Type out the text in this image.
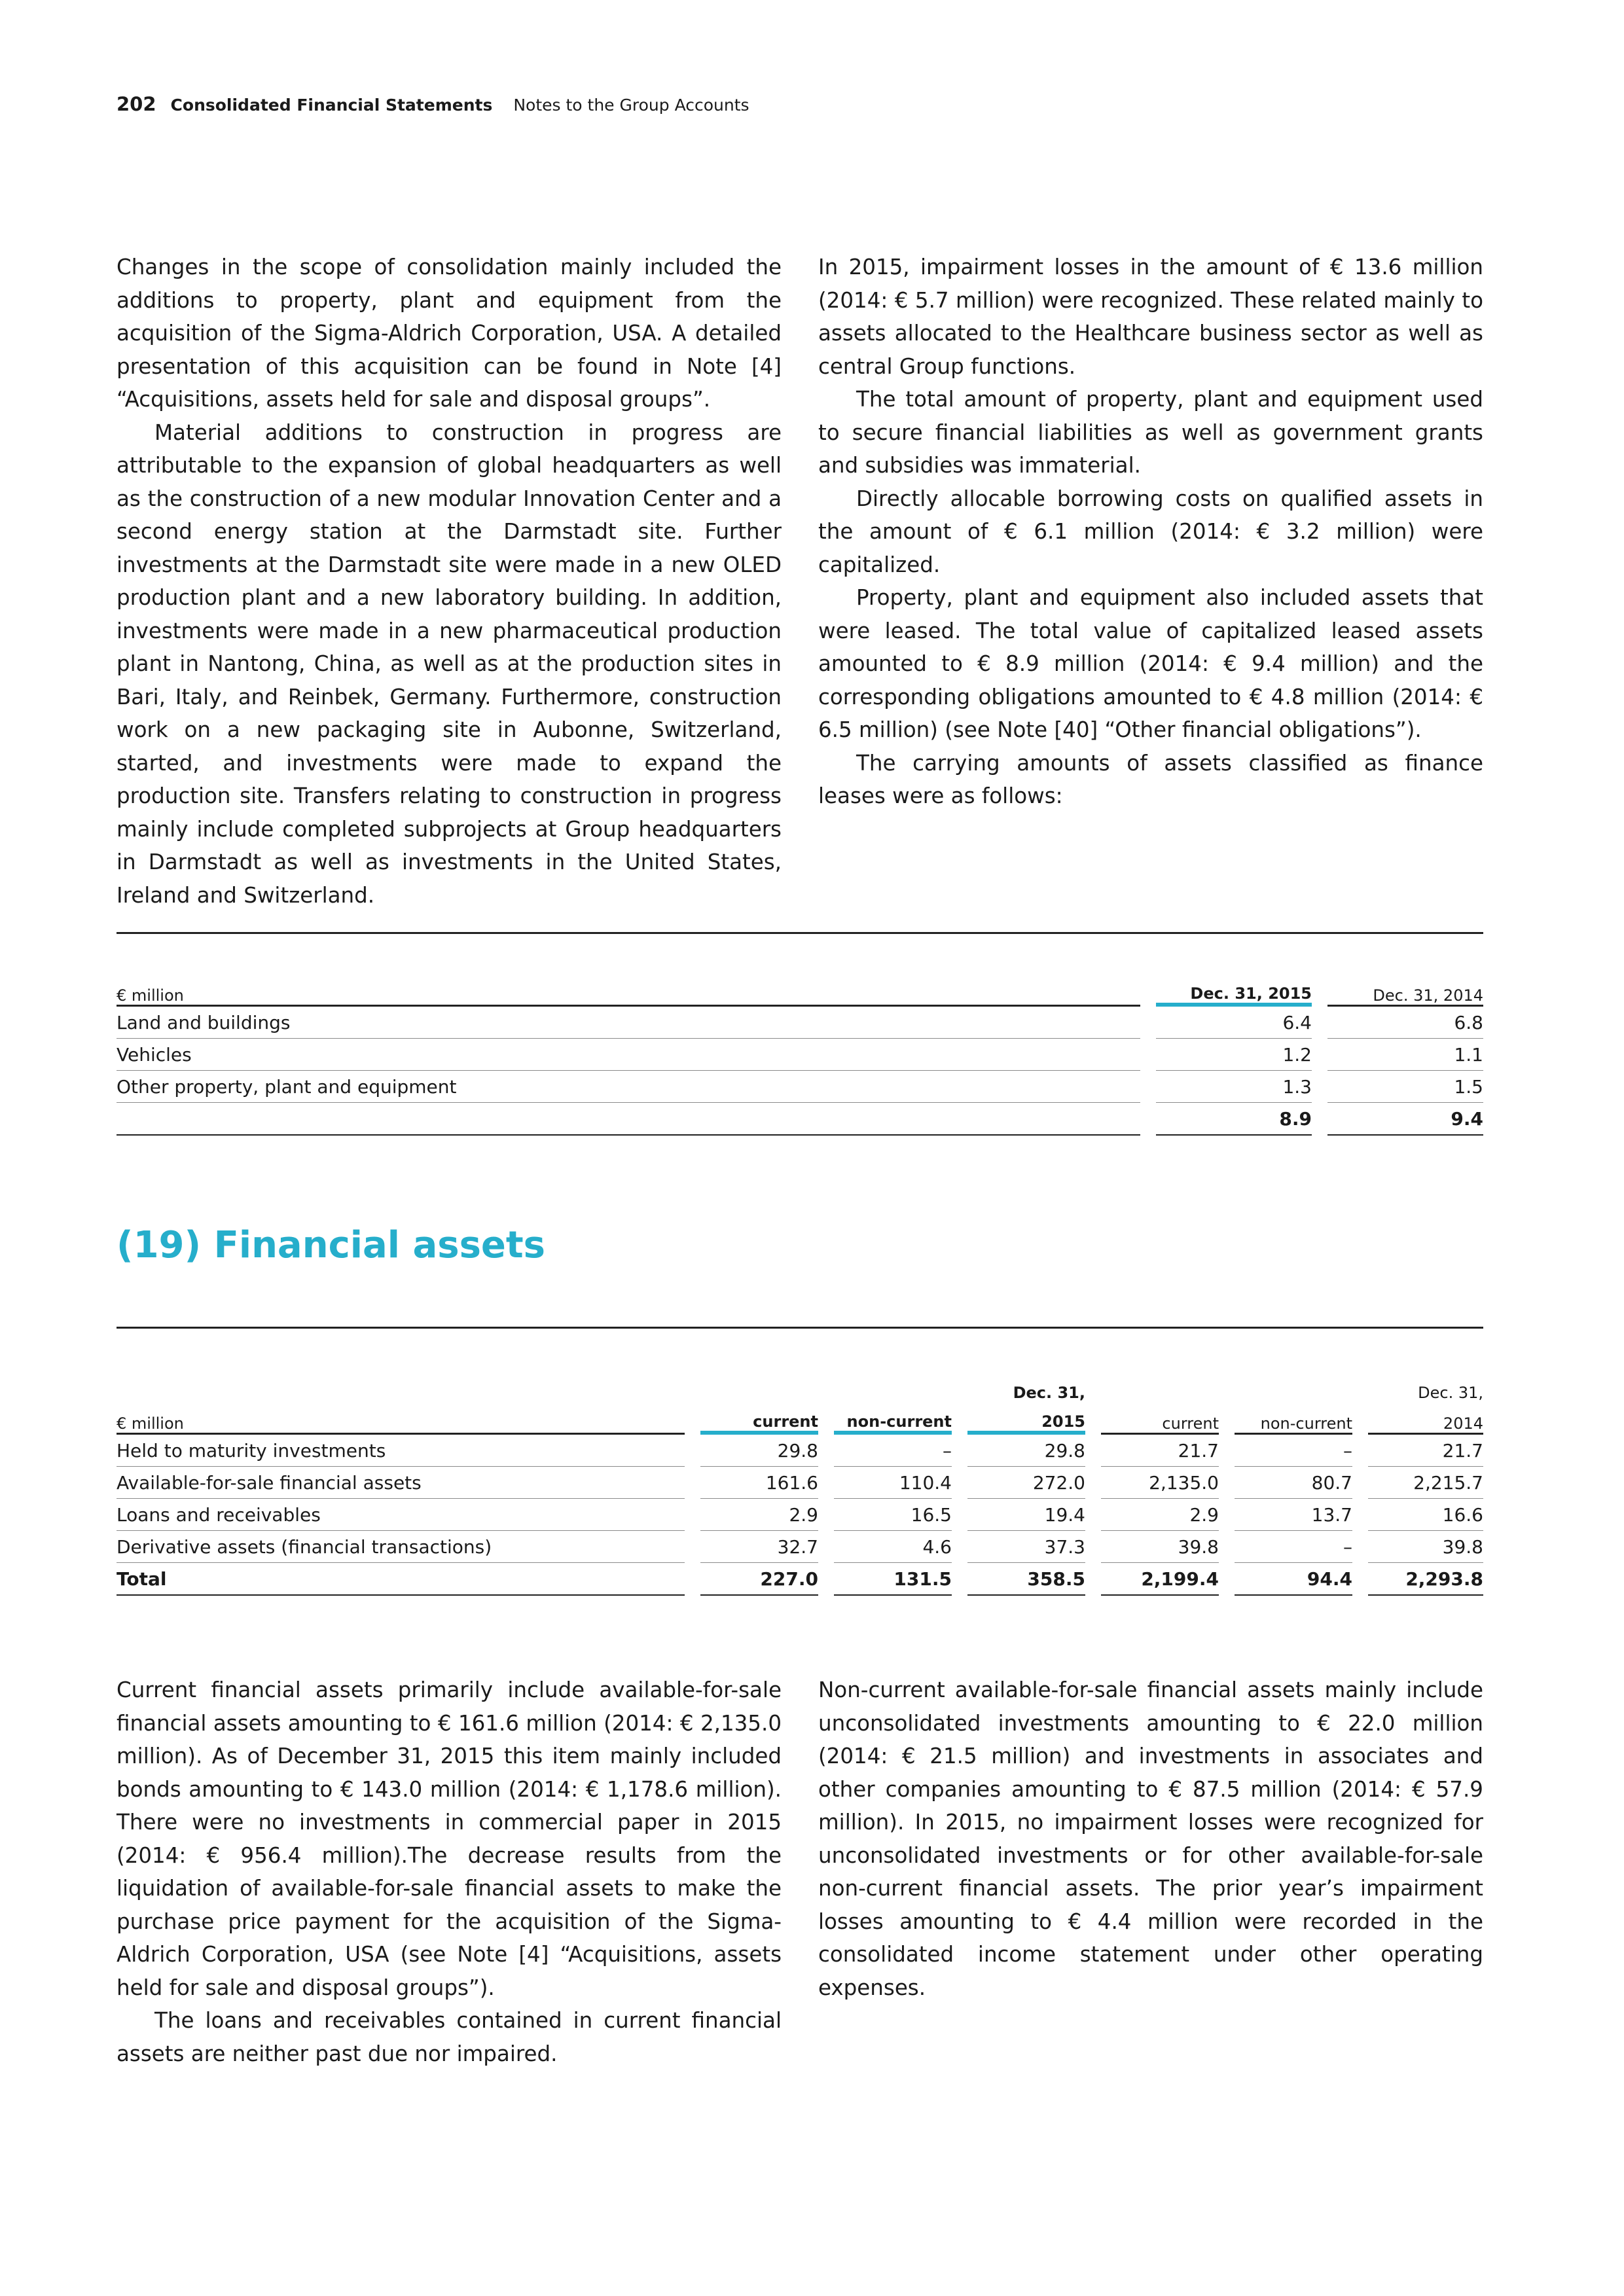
202 Consolidated Financial Statements Notes to the Group Accounts

Changes in the scope of consolidation mainly included the additions to property, plant and equipment from the acquisition of the Sigma-Aldrich Corporation, USA. A detailed presentation of this acquisition can be found in Note [4] “Acquisitions, assets held for sale and disposal groups”.

Material additions to construction in progress are attributable to the expansion of global headquarters as well as the construction of a new modular Innovation Center and a second energy station at the Darmstadt site. Further investments at the Darmstadt site were made in a new OLED production plant and a new laboratory building. In addition, investments were made in a new pharmaceutical production plant in Nantong, China, as well as at the production sites in Bari, Italy, and Reinbek, Germany. Furthermore, construction work on a new packaging site in Aubonne, Switzerland, started, and investments were made to expand the production site. Transfers relating to construction in progress mainly include completed subprojects at Group headquarters in Darmstadt as well as investments in the United States, Ireland and Switzerland.

In 2015, impairment losses in the amount of € 13.6 million (2014: € 5.7 million) were recognized. These related mainly to assets allocated to the Healthcare business sector as well as central Group functions.

The total amount of property, plant and equipment used to secure financial liabilities as well as government grants and subsidies was immaterial.

Directly allocable borrowing costs on qualified assets in the amount of € 6.1 million (2014: € 3.2 million) were capitalized.

Property, plant and equipment also included assets that were leased. The total value of capitalized leased assets amounted to € 8.9 million (2014: € 9.4 million) and the corresponding obligations amounted to € 4.8 million (2014: € 6.5 million) (see Note [40] “Other financial obligations”).

The carrying amounts of assets classified as finance leases were as follows:

€ million		Dec. 31, 2015		Dec. 31, 2014
Land and buildings		6.4		6.8
Vehicles		1.2		1.1
Other property, plant and equipment		1.3		1.5
		8.9		9.4
(19) Financial assets
						Dec. 31,						Dec. 31,
€ million		current		non-current		2015		current		non-current		2014
Held to maturity investments		29.8		–		29.8		21.7		–		21.7
Available-for-sale financial assets		161.6		110.4		272.0		2,135.0		80.7		2,215.7
Loans and receivables		2.9		16.5		19.4		2.9		13.7		16.6
Derivative assets (financial transactions)		32.7		4.6		37.3		39.8		–		39.8
Total		227.0		131.5		358.5		2,199.4		94.4		2,293.8

Current financial assets primarily include available-for-sale financial assets amounting to € 161.6 million (2014: € 2,135.0 million). As of December 31, 2015 this item mainly included bonds amounting to € 143.0 million (2014: € 1,178.6 million). There were no investments in commercial paper in 2015 (2014: € 956.4 million).The decrease results from the liquidation of available-for-sale financial assets to make the purchase price payment for the acquisition of the Sigma-Aldrich Corporation, USA (see Note [4] “Acquisitions, assets held for sale and disposal groups”).

The loans and receivables contained in current financial assets are neither past due nor impaired.

Non-current available-for-sale financial assets mainly include unconsolidated investments amounting to € 22.0 million (2014: € 21.5 million) and investments in associates and other companies amounting to € 87.5 million (2014: € 57.9 million). In 2015, no impairment losses were recognized for unconsolidated investments or for other available-for-sale non-current financial assets. The prior year’s impairment losses amounting to € 4.4 million were recorded in the consolidated income statement under other operating expenses.
